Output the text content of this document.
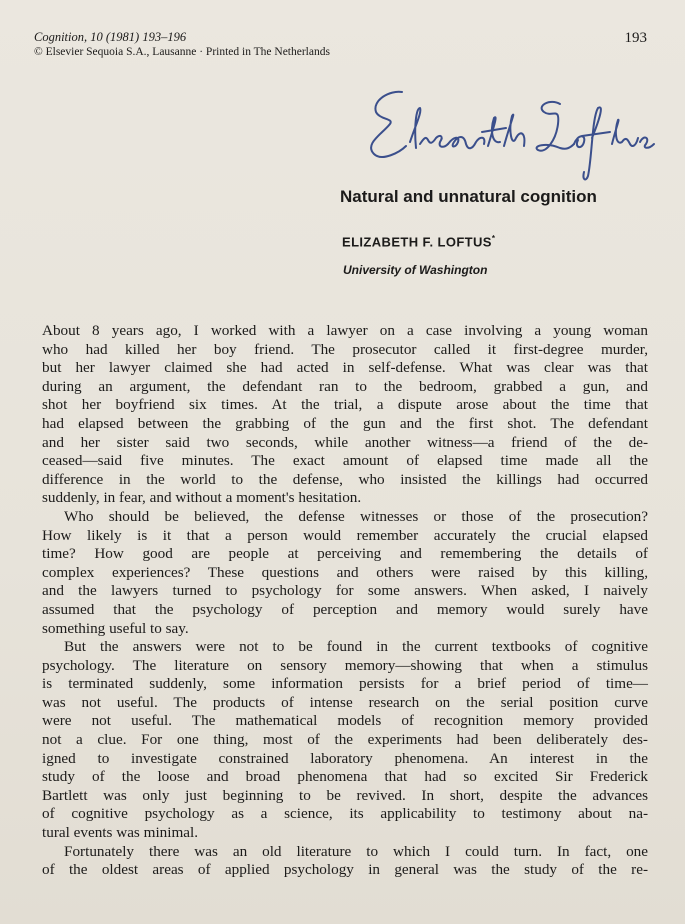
Cognition, 10 (1981) 193–196
© Elsevier Sequoia S.A., Lausanne · Printed in The Netherlands
193
Natural and unnatural cognition
ELIZABETH F. LOFTUS*
University of Washington
About 8 years ago, I worked with a lawyer on a case involving a young woman
who had killed her boy friend. The prosecutor called it first-degree murder,
but her lawyer claimed she had acted in self-defense. What was clear was that
during an argument, the defendant ran to the bedroom, grabbed a gun, and
shot her boyfriend six times. At the trial, a dispute arose about the time that
had elapsed between the grabbing of the gun and the first shot. The defendant
and her sister said two seconds, while another witness—a friend of the de-
ceased—said five minutes. The exact amount of elapsed time made all the
difference in the world to the defense, who insisted the killings had occurred
suddenly, in fear, and without a moment's hesitation.
Who should be believed, the defense witnesses or those of the prosecution?
How likely is it that a person would remember accurately the crucial elapsed
time? How good are people at perceiving and remembering the details of
complex experiences? These questions and others were raised by this killing,
and the lawyers turned to psychology for some answers. When asked, I naively
assumed that the psychology of perception and memory would surely have
something useful to say.
But the answers were not to be found in the current textbooks of cognitive
psychology. The literature on sensory memory—showing that when a stimulus
is terminated suddenly, some information persists for a brief period of time—
was not useful. The products of intense research on the serial position curve
were not useful. The mathematical models of recognition memory provided
not a clue. For one thing, most of the experiments had been deliberately des-
igned to investigate constrained laboratory phenomena. An interest in the
study of the loose and broad phenomena that had so excited Sir Frederick
Bartlett was only just beginning to be revived. In short, despite the advances
of cognitive psychology as a science, its applicability to testimony about na-
tural events was minimal.
Fortunately there was an old literature to which I could turn. In fact, one
of the oldest areas of applied psychology in general was the study of the re-
